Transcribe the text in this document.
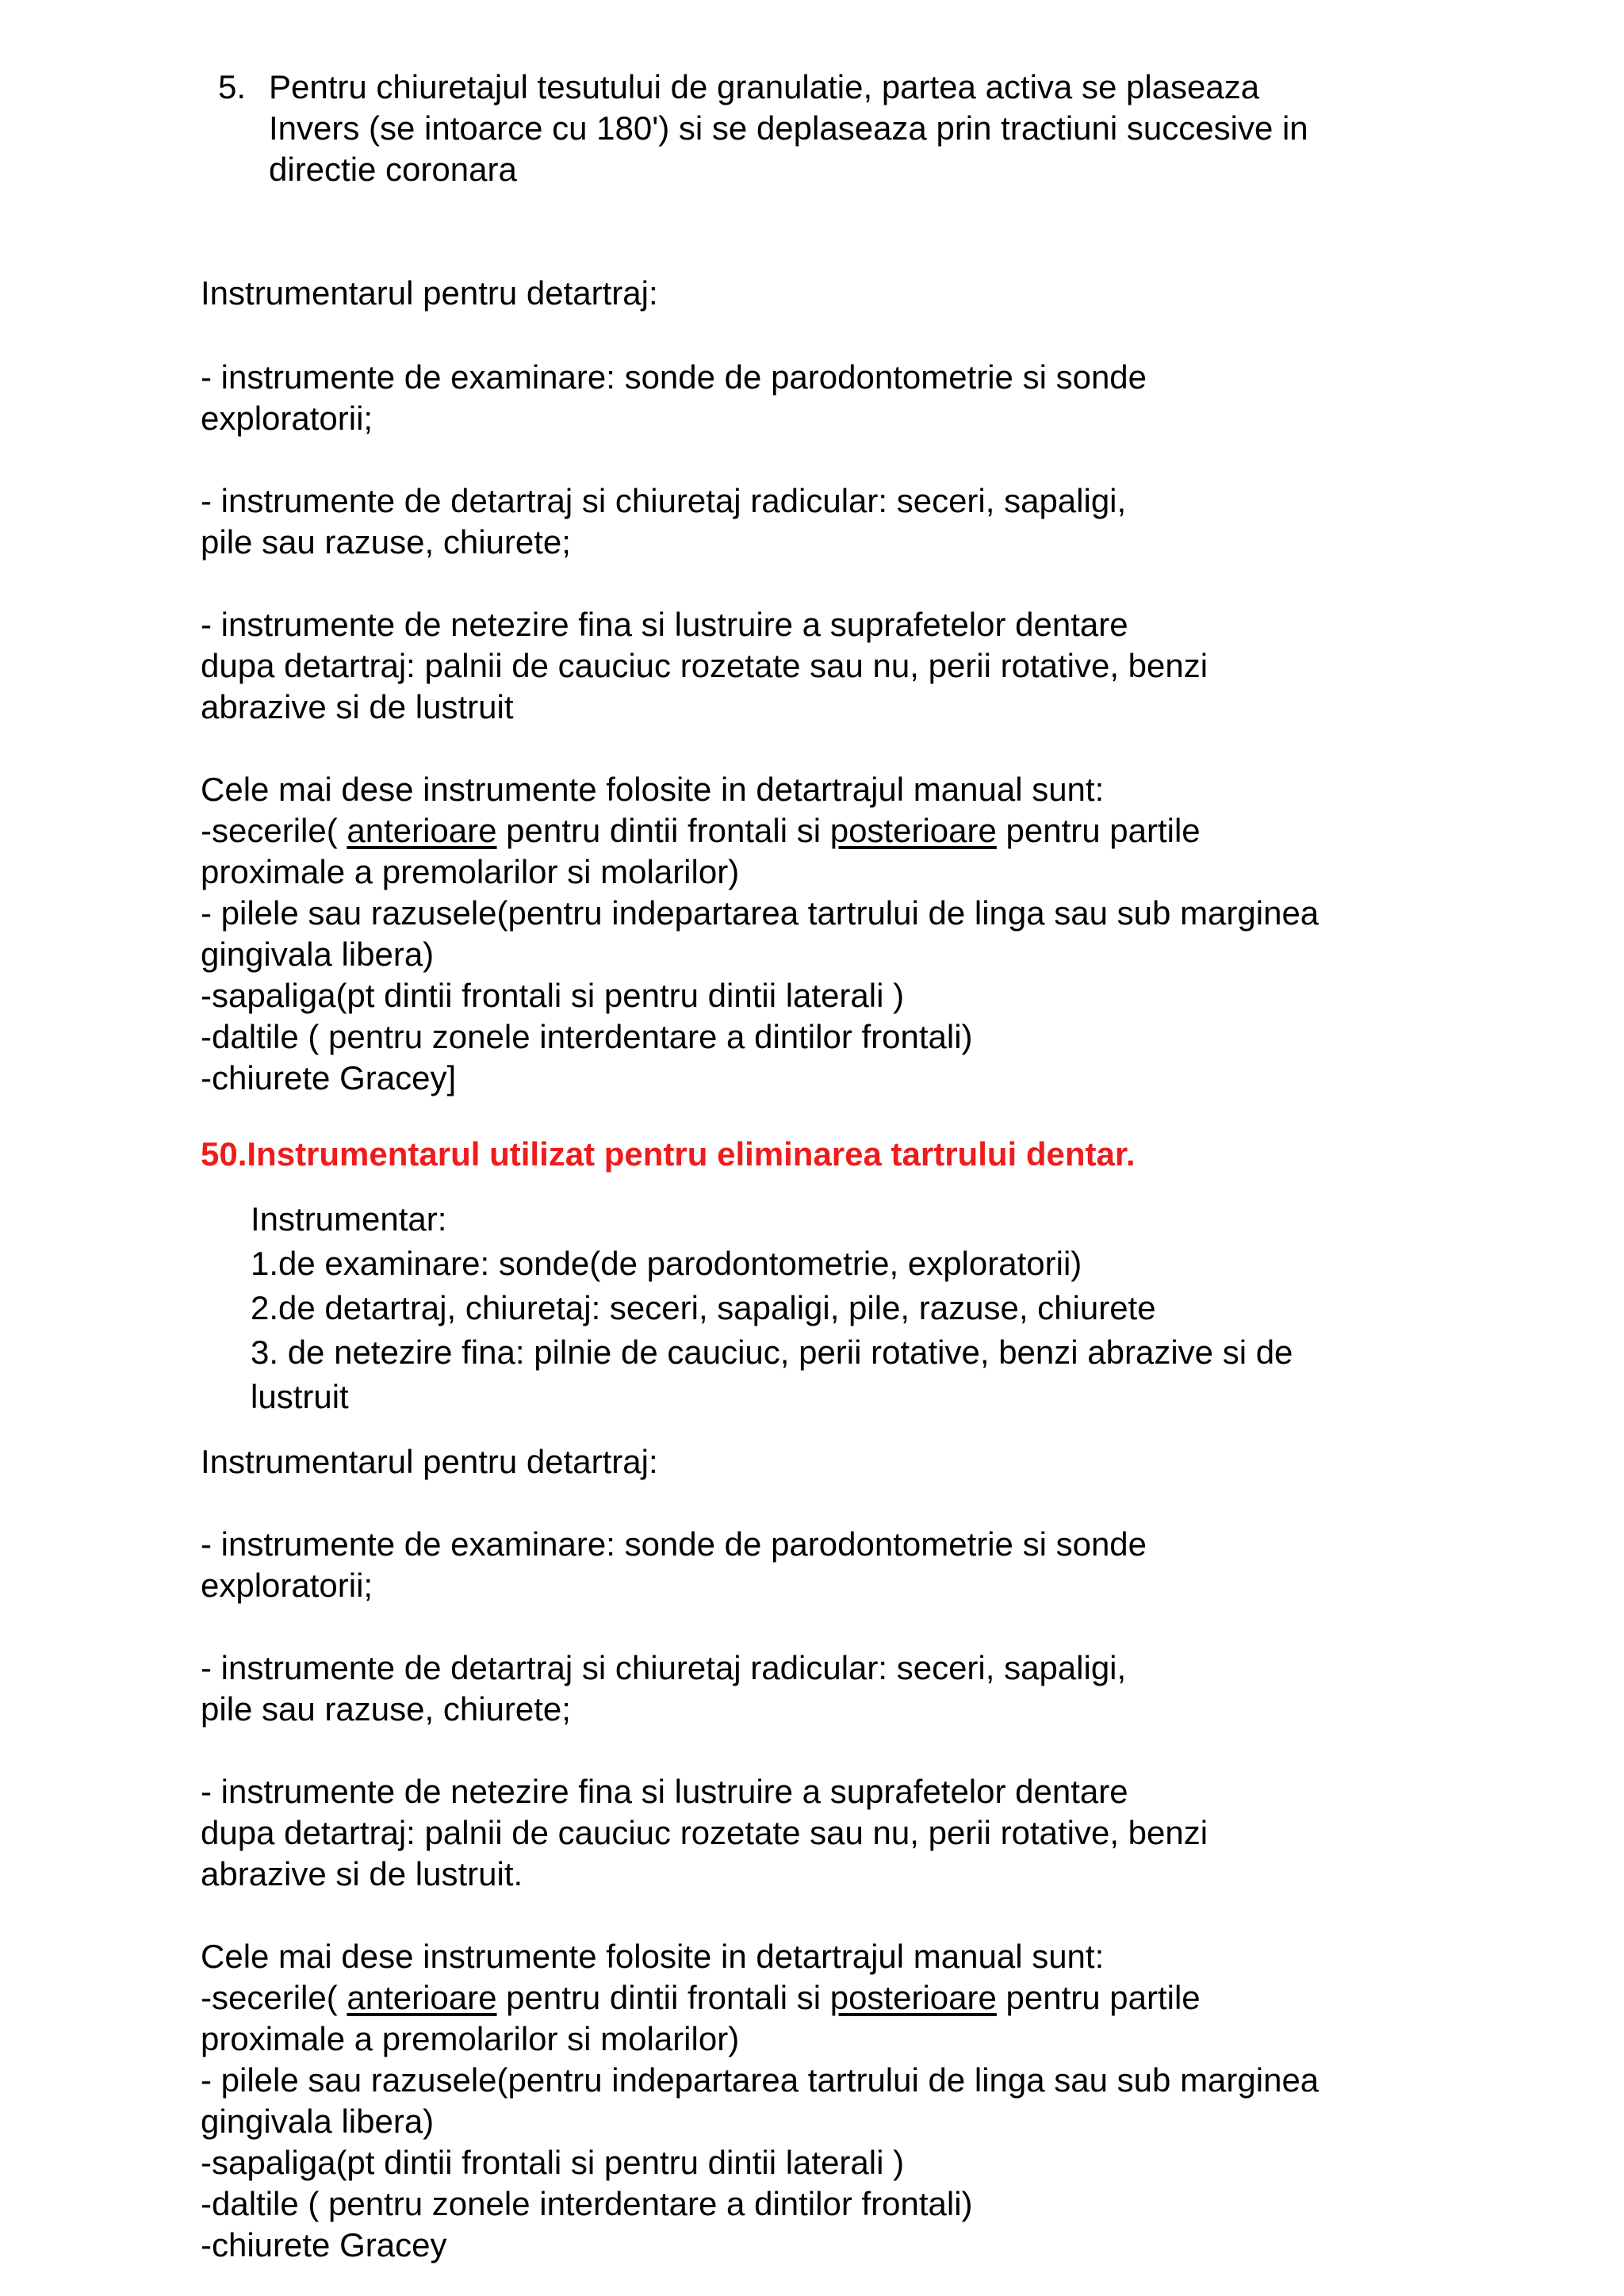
5. Pentru chiuretajul tesutului de granulatie, partea activa se plaseaza
Invers (se intoarce cu 180') si se deplaseaza prin tractiuni succesive in
directie coronara

Instrumentarul pentru detartraj:

- instrumente de examinare: sonde de parodontometrie si sonde

exploratorii;

- instrumente de detartraj si chiuretaj radicular: seceri, sapaligi,

pile sau razuse, chiurete;

- instrumente de netezire fina si lustruire a suprafetelor dentare

dupa detartraj: palnii de cauciuc rozetate sau nu, perii rotative, benzi

abrazive si de lustruit

Cele mai dese instrumente folosite in detartrajul manual sunt:

-secerile( anterioare pentru dintii frontali si posterioare pentru partile

proximale a premolarilor si molarilor)

- pilele sau razusele(pentru indepartarea tartrului de linga sau sub marginea

gingivala libera)

-sapaliga(pt dintii frontali si pentru dintii laterali )

-daltile ( pentru zonele interdentare a dintilor frontali)

-chiurete Gracey]

50.Instrumentarul utilizat pentru eliminarea tartrului dentar.

Instrumentar:

1.de examinare: sonde(de parodontometrie, exploratorii)

2.de detartraj, chiuretaj: seceri, sapaligi, pile, razuse, chiurete

3. de netezire fina: pilnie de cauciuc, perii rotative, benzi abrazive si de

lustruit

Instrumentarul pentru detartraj:

- instrumente de examinare: sonde de parodontometrie si sonde

exploratorii;

- instrumente de detartraj si chiuretaj radicular: seceri, sapaligi,

pile sau razuse, chiurete;

- instrumente de netezire fina si lustruire a suprafetelor dentare

dupa detartraj: palnii de cauciuc rozetate sau nu, perii rotative, benzi

abrazive si de lustruit.

Cele mai dese instrumente folosite in detartrajul manual sunt:

-secerile( anterioare pentru dintii frontali si posterioare pentru partile

proximale a premolarilor si molarilor)

- pilele sau razusele(pentru indepartarea tartrului de linga sau sub marginea

gingivala libera)

-sapaliga(pt dintii frontali si pentru dintii laterali )

-daltile ( pentru zonele interdentare a dintilor frontali)

-chiurete Gracey
